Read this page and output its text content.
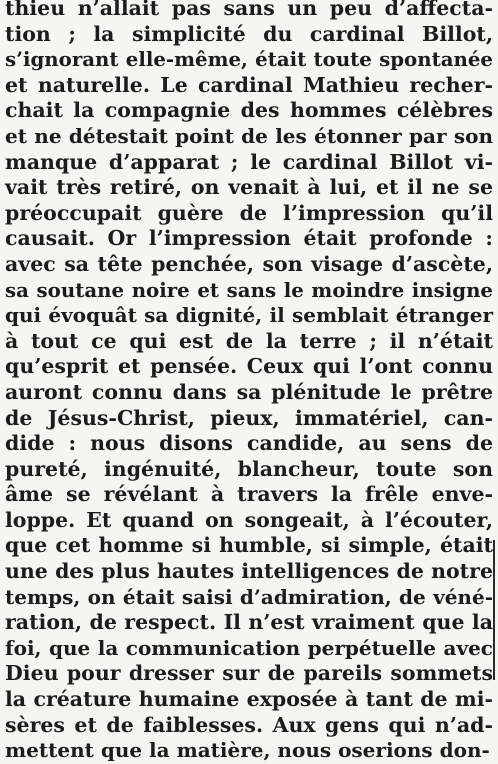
thieu n’allait pas sans un peu d’affecta-
tion ; la simplicité du cardinal Billot,
s’ignorant elle-même, était toute spontanée
et naturelle. Le cardinal Mathieu recher-
chait la compagnie des hommes célèbres
et ne détestait point de les étonner par son
manque d’apparat ; le cardinal Billot vi-
vait très retiré, on venait à lui, et il ne se
préoccupait guère de l’impression qu’il
causait. Or l’impression était profonde :
avec sa tête penchée, son visage d’ascète,
sa soutane noire et sans le moindre insigne
qui évoquât sa dignité, il semblait étranger
à tout ce qui est de la terre ; il n’était
qu’esprit et pensée. Ceux qui l’ont connu
auront connu dans sa plénitude le prêtre
de Jésus-Christ, pieux, immatériel, can-
dide : nous disons candide, au sens de
pureté, ingénuité, blancheur, toute son
âme se révélant à travers la frêle enve-
loppe. Et quand on songeait, à l’écouter,
que cet homme si humble, si simple, était
une des plus hautes intelligences de notre
temps, on était saisi d’admiration, de véné-
ration, de respect. Il n’est vraiment que la
foi, que la communication perpétuelle avec
Dieu pour dresser sur de pareils sommets
la créature humaine exposée à tant de mi-
sères et de faiblesses. Aux gens qui n’ad-
mettent que la matière, nous oserions don-
